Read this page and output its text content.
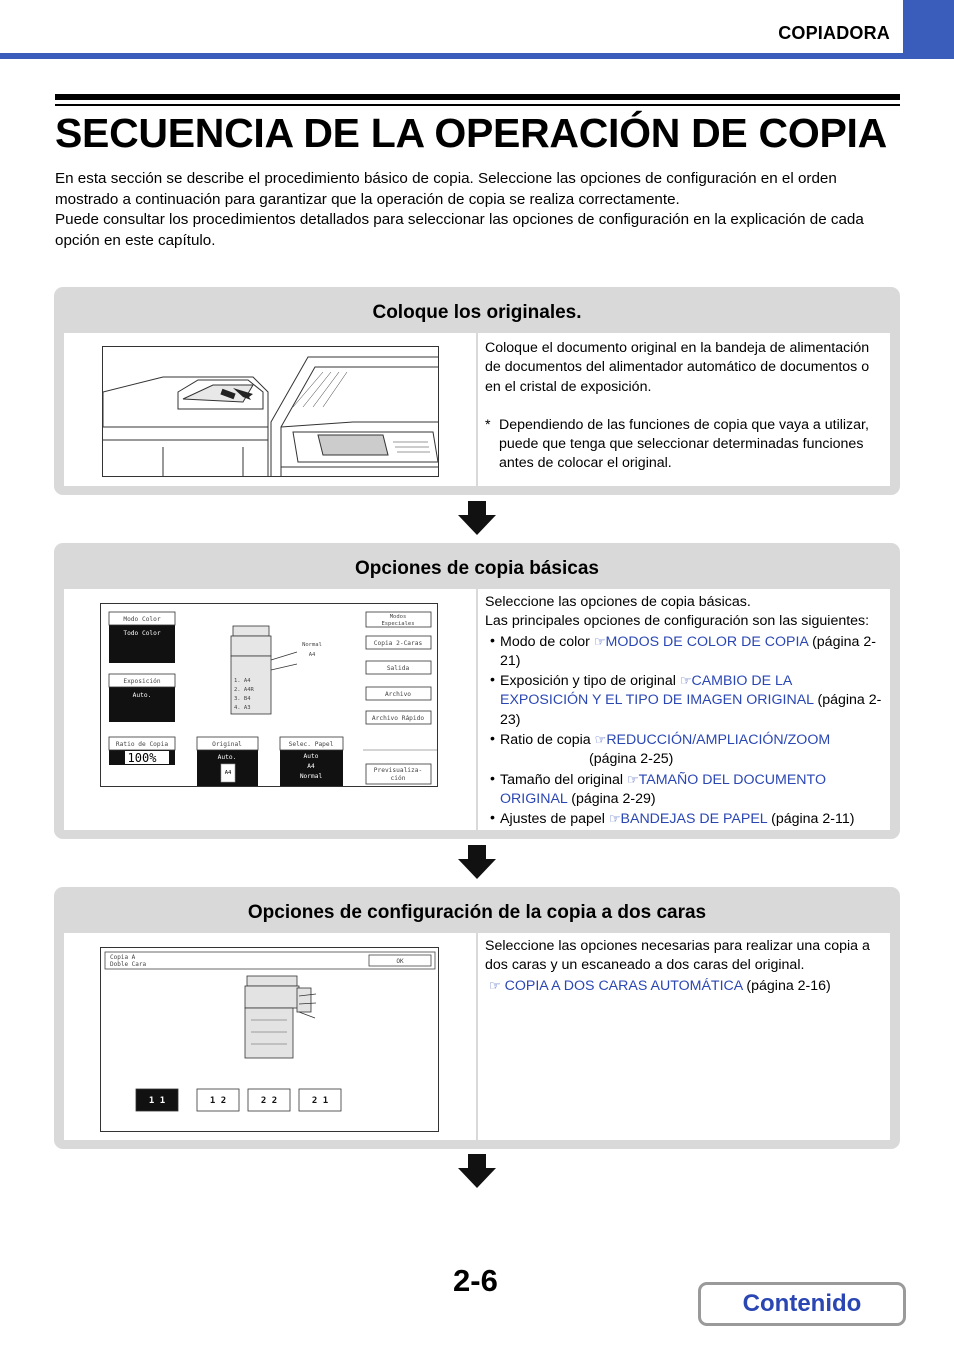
COPIADORA
SECUENCIA DE LA OPERACIÓN DE COPIA

En esta sección se describe el procedimiento básico de copia. Seleccione las opciones de configuración en el orden mostrado a continuación para garantizar que la operación de copia se realiza correctamente.

Puede consultar los procedimientos detallados para seleccionar las opciones de configuración en la explicación de cada opción en este capítulo.

Coloque los originales.

Coloque el documento original en la bandeja de alimentación de documentos del alimentador automático de documentos o en el cristal de exposición.

* Dependiendo de las funciones de copia que vaya a utilizar, puede que tenga que seleccionar determinadas funciones antes de colocar el original.
Opciones de copia básicas
Modo Color
Todo Color
Exposición
Auto.
Ratio de Copia
100%
Original
Auto.
A4
Selec. Papel
Auto
A4
Normal
Modos
Especiales
Copia 2-Caras
Salida
Archivo
Archivo Rápido
Previsualiza-
ción
Normal
A4
1. A4
2. A4R
3. B4
4. A3

Seleccione las opciones de copia básicas.

Las principales opciones de configuración son las siguientes:

• Modo de color ☞MODOS DE COLOR DE COPIA (página 2-21)
• Exposición y tipo de original ☞CAMBIO DE LA EXPOSICIÓN Y EL TIPO DE IMAGEN ORIGINAL (página 2-23)
• Ratio de copia ☞REDUCCIÓN/AMPLIACIÓN/ZOOM
(página 2-25)
• Tamaño del original ☞TAMAÑO DEL DOCUMENTO ORIGINAL (página 2-29)
• Ajustes de papel ☞BANDEJAS DE PAPEL (página 2-11)
Opciones de configuración de la copia a dos caras
Copia A
Doble Cara	OK
1 1	1 2	2 2	2 1

Seleccione las opciones necesarias para realizar una copia a dos caras y un escaneado a dos caras del original.

☞ COPIA A DOS CARAS AUTOMÁTICA (página 2-16)

2-6
Contenido
